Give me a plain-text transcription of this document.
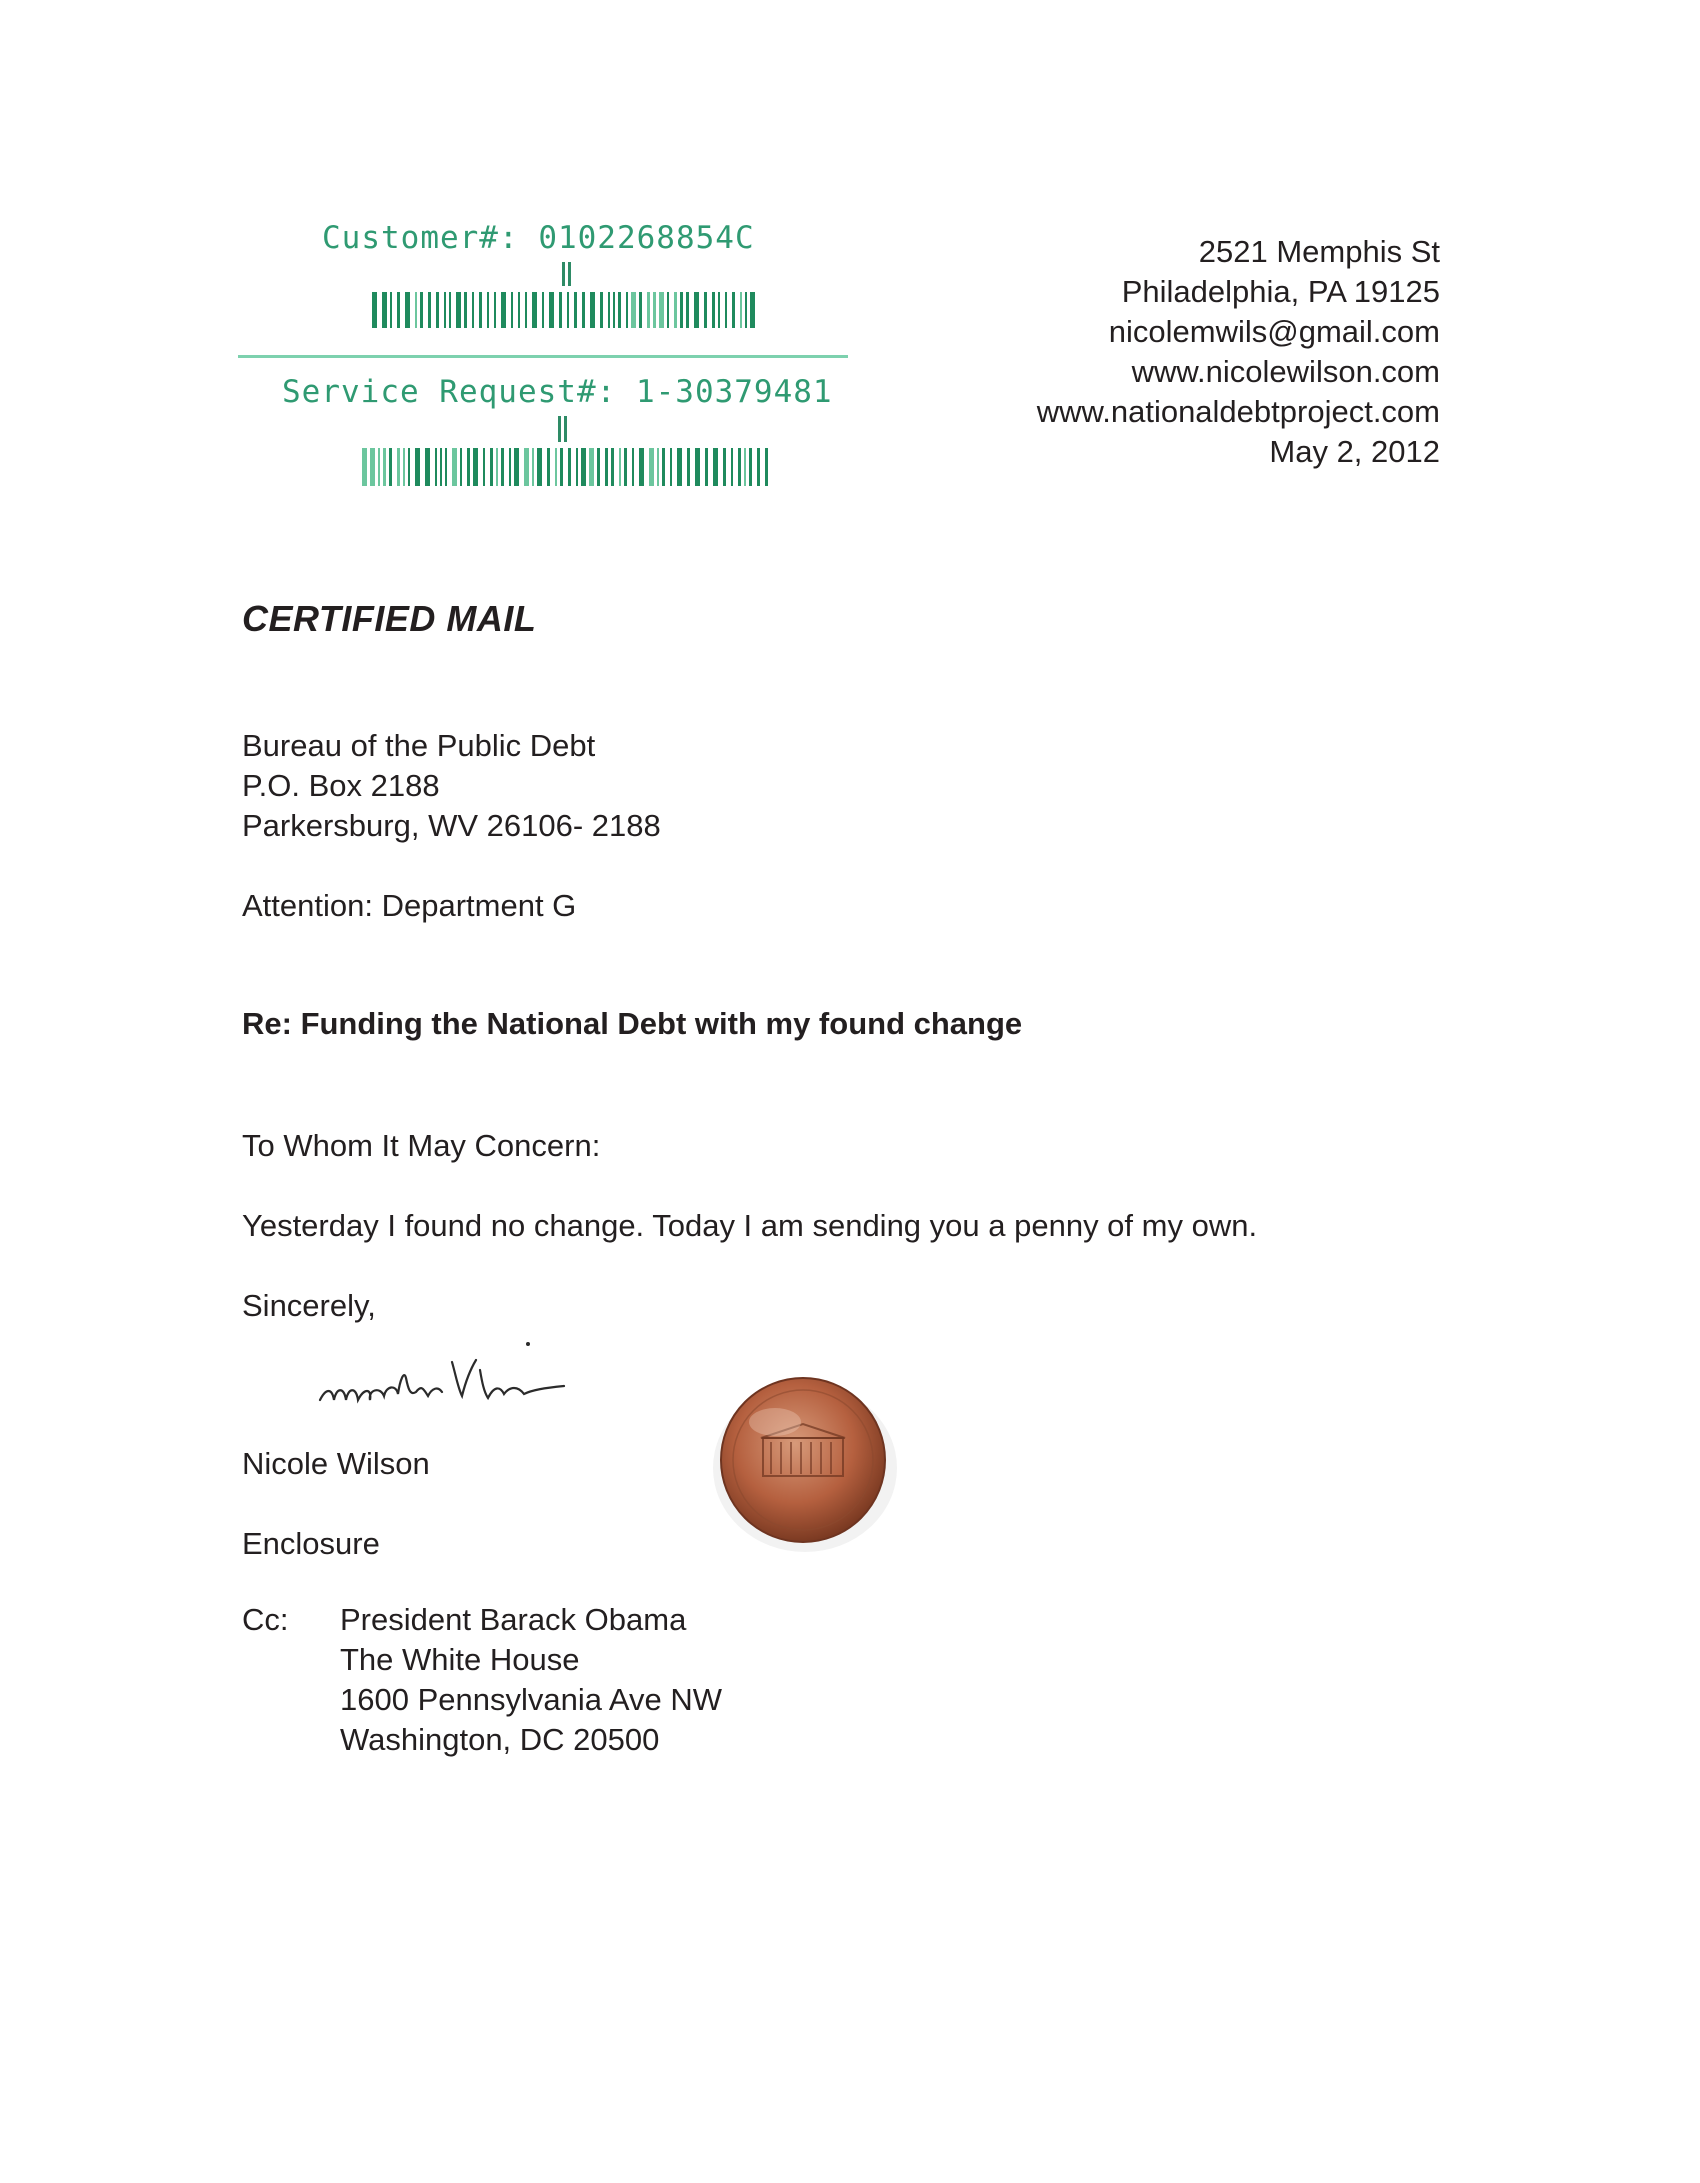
Customer#: 0102268854C
Service Request#: 1-30379481
2521 Memphis St
Philadelphia, PA 19125
nicolemwils@gmail.com
www.nicolewilson.com
www.nationaldebtproject.com
May 2, 2012
CERTIFIED MAIL
Bureau of the Public Debt
P.O. Box 2188
Parkersburg, WV 26106- 2188
Attention: Department G
Re: Funding the National Debt with my found change
To Whom It May Concern:
Yesterday I found no change. Today I am sending you a penny of my own.
Sincerely,
Nicole Wilson
Enclosure
Cc: President Barack Obama
The White House
1600 Pennsylvania Ave NW
Washington, DC 20500
